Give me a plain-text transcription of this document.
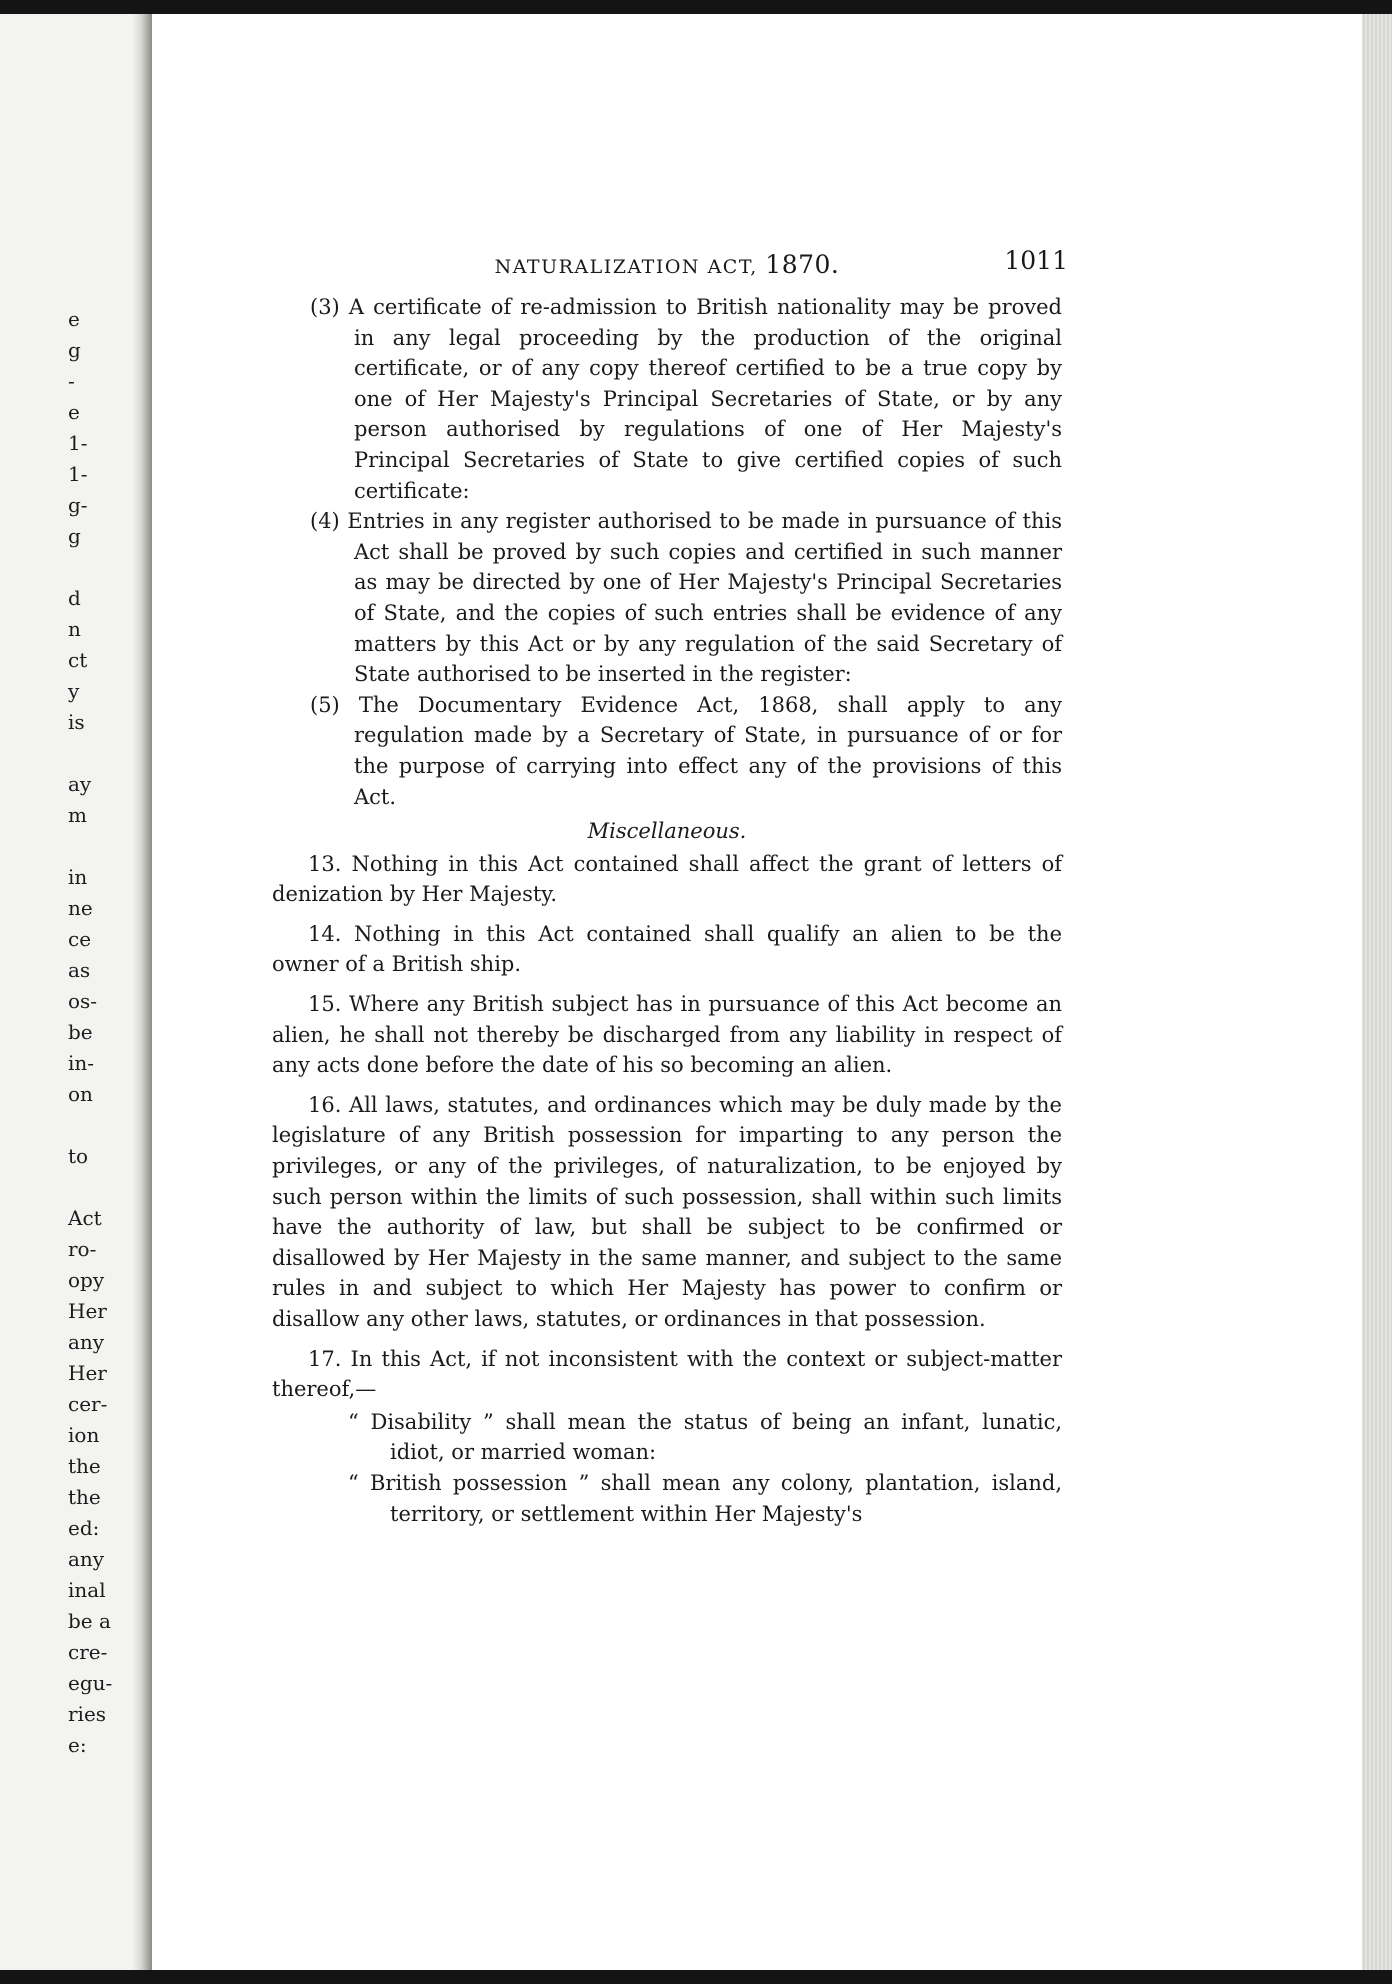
e
g
-
e
1-
1-
g-
g
d
n
ct
y
is
ay
m
in
ne
ce
as
os-
be
in-
on
to
Act
ro-
opy
Her
any
Her
cer-
ion
the
the
ed:
any
inal
be a
cre-
egu-
ries
e:
NATURALIZATION ACT, 1870.	1011
(3) A certificate of re-admission to British nationality may be proved in any legal proceeding by the production of the original certificate, or of any copy thereof certified to be a true copy by one of Her Majesty's Principal Secretaries of State, or by any person authorised by regulations of one of Her Majesty's Principal Secretaries of State to give certified copies of such certificate:
(4) Entries in any register authorised to be made in pursuance of this Act shall be proved by such copies and certified in such manner as may be directed by one of Her Majesty's Principal Secretaries of State, and the copies of such entries shall be evidence of any matters by this Act or by any regulation of the said Secretary of State authorised to be inserted in the register:
(5) The Documentary Evidence Act, 1868, shall apply to any regulation made by a Secretary of State, in pursuance of or for the purpose of carrying into effect any of the provisions of this Act.
Miscellaneous.

13. Nothing in this Act contained shall affect the grant of letters of denization by Her Majesty.

14. Nothing in this Act contained shall qualify an alien to be the owner of a British ship.

15. Where any British subject has in pursuance of this Act become an alien, he shall not thereby be discharged from any liability in respect of any acts done before the date of his so becoming an alien.

16. All laws, statutes, and ordinances which may be duly made by the legislature of any British possession for imparting to any person the privileges, or any of the privileges, of naturalization, to be enjoyed by such person within the limits of such possession, shall within such limits have the authority of law, but shall be subject to be confirmed or disallowed by Her Majesty in the same manner, and subject to the same rules in and subject to which Her Majesty has power to confirm or disallow any other laws, statutes, or ordinances in that possession.

17. In this Act, if not inconsistent with the context or subject-matter thereof,—

“ Disability ” shall mean the status of being an infant, lunatic, idiot, or married woman:
“ British possession ” shall mean any colony, plantation, island, territory, or settlement within Her Majesty's
